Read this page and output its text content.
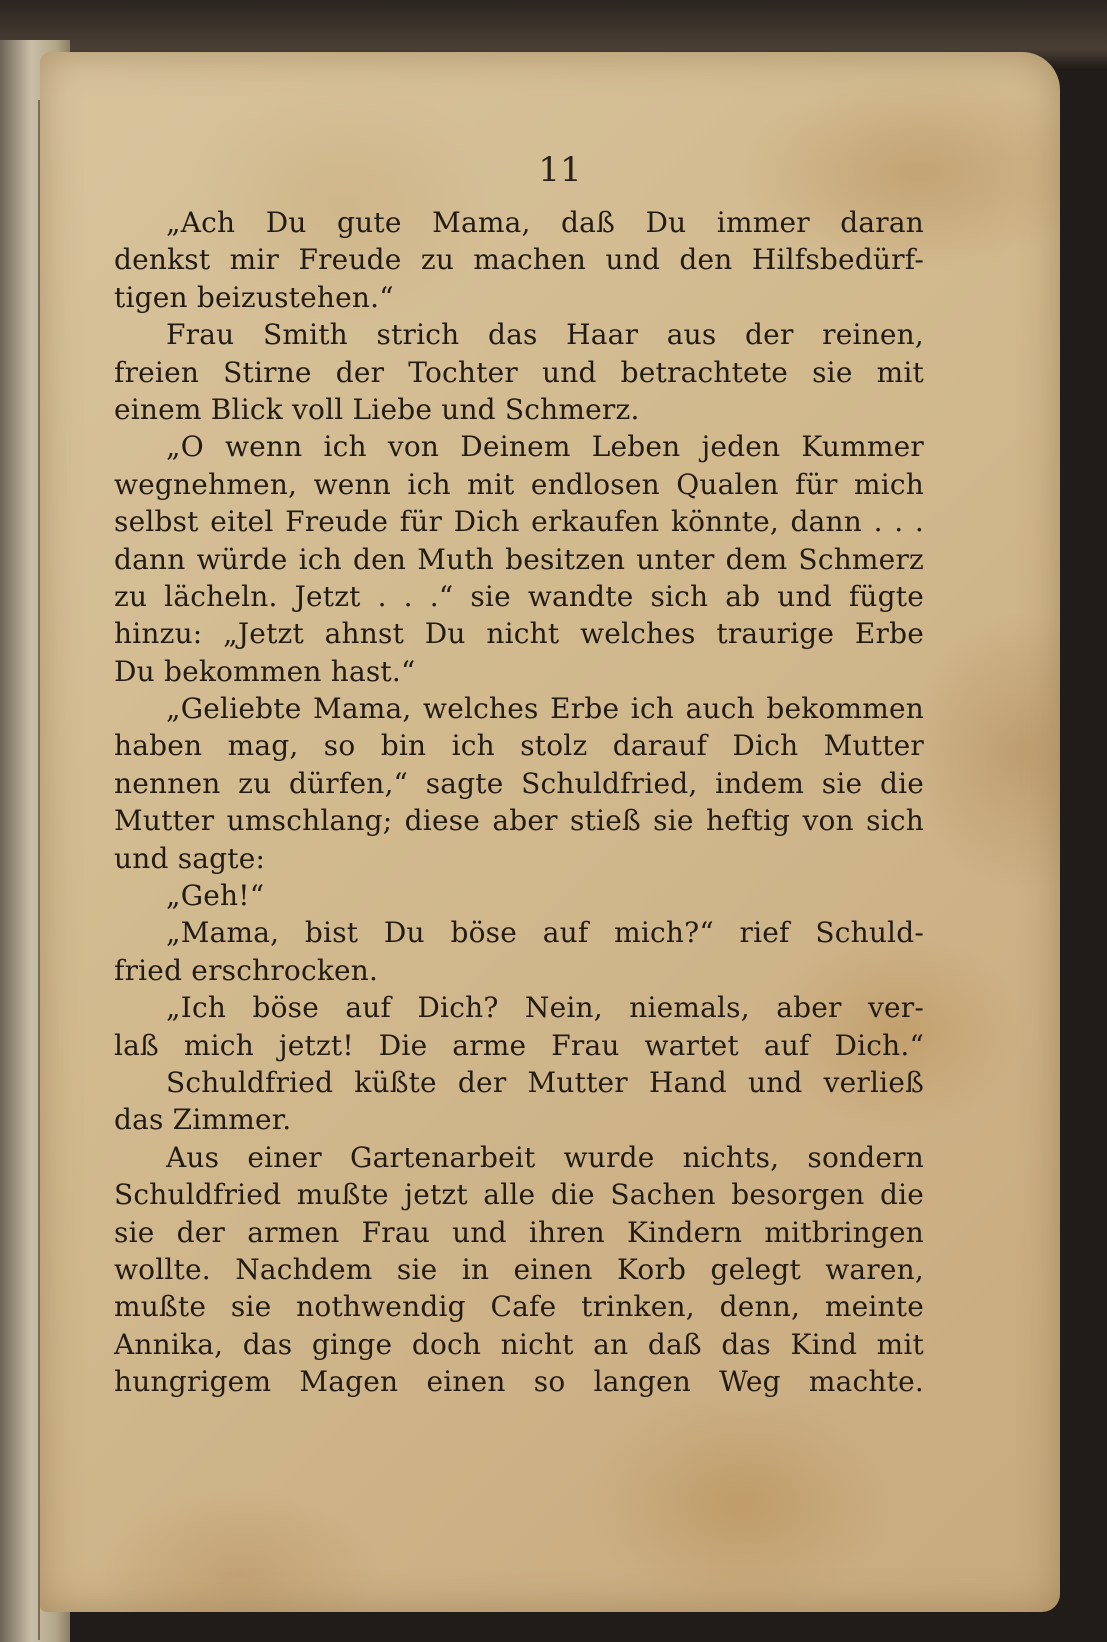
11
„Ach Du gute Mama, daß Du immer daran
denkst mir Freude zu machen und den Hilfsbedürf-
tigen beizustehen.“
Frau Smith strich das Haar aus der reinen,
freien Stirne der Tochter und betrachtete sie mit
einem Blick voll Liebe und Schmerz.
„O wenn ich von Deinem Leben jeden Kummer
wegnehmen, wenn ich mit endlosen Qualen für mich
selbst eitel Freude für Dich erkaufen könnte, dann . . .
dann würde ich den Muth besitzen unter dem Schmerz
zu lächeln. Jetzt . . .“ sie wandte sich ab und fügte
hinzu: „Jetzt ahnst Du nicht welches traurige Erbe
Du bekommen hast.“
„Geliebte Mama, welches Erbe ich auch bekommen
haben mag, so bin ich stolz darauf Dich Mutter
nennen zu dürfen,“ sagte Schuldfried, indem sie die
Mutter umschlang; diese aber stieß sie heftig von sich
und sagte:
„Geh!“
„Mama, bist Du böse auf mich?“ rief Schuld-
fried erschrocken.
„Ich böse auf Dich? Nein, niemals, aber ver-
laß mich jetzt! Die arme Frau wartet auf Dich.“
Schuldfried küßte der Mutter Hand und verließ
das Zimmer.
Aus einer Gartenarbeit wurde nichts, sondern
Schuldfried mußte jetzt alle die Sachen besorgen die
sie der armen Frau und ihren Kindern mitbringen
wollte. Nachdem sie in einen Korb gelegt waren,
mußte sie nothwendig Cafe trinken, denn, meinte
Annika, das ginge doch nicht an daß das Kind mit
hungrigem Magen einen so langen Weg machte.
